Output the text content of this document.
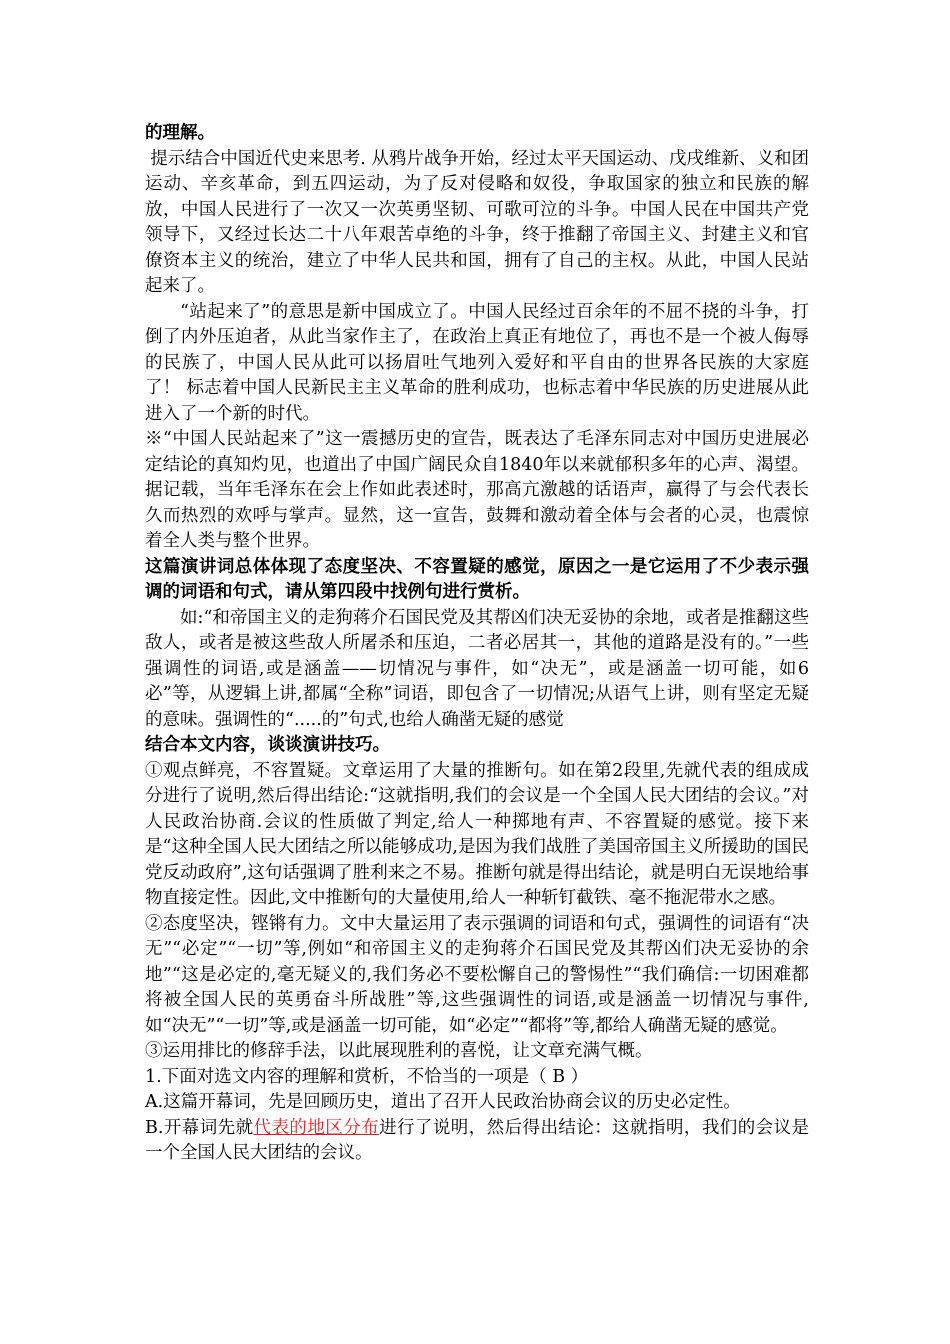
的理解。

提示结合中国近代史来思考. 从鸦片战争开始，经过太平天国运动、戊戌维新、义和团运动、辛亥革命，到五四运动，为了反对侵略和奴役，争取国家的独立和民族的解放，中国人民进行了一次又一次英勇坚韧、可歌可泣的斗争。中国人民在中国共产党领导下，又经过长达二十八年艰苦卓绝的斗争，终于推翻了帝国主义、封建主义和官僚资本主义的统治，建立了中华人民共和国，拥有了自己的主权。从此，中国人民站起来了。

“站起来了”的意思是新中国成立了。中国人民经过百余年的不屈不挠的斗争，打倒了内外压迫者，从此当家作主了，在政治上真正有地位了，再也不是一个被人侮辱的民族了，中国人民从此可以扬眉吐气地列入爱好和平自由的世界各民族的大家庭了！ 标志着中国人民新民主主义革命的胜利成功，也标志着中华民族的历史进展从此进入了一个新的时代。

※“中国人民站起来了”这一震撼历史的宣告，既表达了毛泽东同志对中国历史进展必定结论的真知灼见，也道出了中国广阔民众自1840年以来就郁积多年的心声、渴望。据记载，当年毛泽东在会上作如此表述时，那高亢激越的话语声，赢得了与会代表长久而热烈的欢呼与掌声。显然，这一宣告，鼓舞和激动着全体与会者的心灵，也震惊着全人类与整个世界。

这篇演讲词总体体现了态度坚决、不容置疑的感觉，原因之一是它运用了不少表示强调的词语和句式，请从第四段中找例句进行赏析。

如:“和帝国主义的走狗蒋介石国民党及其帮凶们决无妥协的余地，或者是推翻这些敌人，或者是被这些敌人所屠杀和压迫，二者必居其一，其他的道路是没有的。”一些强调性的词语,或是涵盖——切情况与事件，如“决无”，或是涵盖一切可能，如6必”等，从逻辑上讲,都属“全称”词语，即包含了一切情况;从语气上讲，则有坚定无疑的意味。强调性的“.....的”句式,也给人确凿无疑的感觉

结合本文内容，谈谈演讲技巧。

①观点鲜亮，不容置疑。文章运用了大量的推断句。如在第2段里,先就代表的组成成分进行了说明,然后得出结论:“这就指明,我们的会议是一个全国人民大团结的会议。”对人民政治协商.会议的性质做了判定,给人一种掷地有声、不容置疑的感觉。接下来是“这种全国人民大团结之所以能够成功,是因为我们战胜了美国帝国主义所援助的国民党反动政府”,这句话强调了胜利来之不易。推断句就是得出结论，就是明白无误地给事物直接定性。因此,文中推断句的大量使用,给人一种斩钉截铁、毫不拖泥带水之感。

②态度坚决，铿锵有力。文中大量运用了表示强调的词语和句式，强调性的词语有“决无”“必定”“一切”等,例如“和帝国主义的走狗蒋介石国民党及其帮凶们决无妥协的余地”“这是必定的,毫无疑义的,我们务必不要松懈自己的警惕性”“我们确信:一切困难都将被全国人民的英勇奋斗所战胜”等,这些强调性的词语,或是涵盖一切情况与事件,如“决无”“一切”等,或是涵盖一切可能，如“必定”“都将”等,都给人确凿无疑的感觉。

③运用排比的修辞手法，以此展现胜利的喜悦，让文章充满气概。

1.下面对选文内容的理解和赏析，不恰当的一项是（ B ）

A.这篇开幕词，先是回顾历史，道出了召开人民政治协商会议的历史必定性。

B.开幕词先就代表的地区分布进行了说明，然后得出结论：这就指明，我们的会议是一个全国人民大团结的会议。
